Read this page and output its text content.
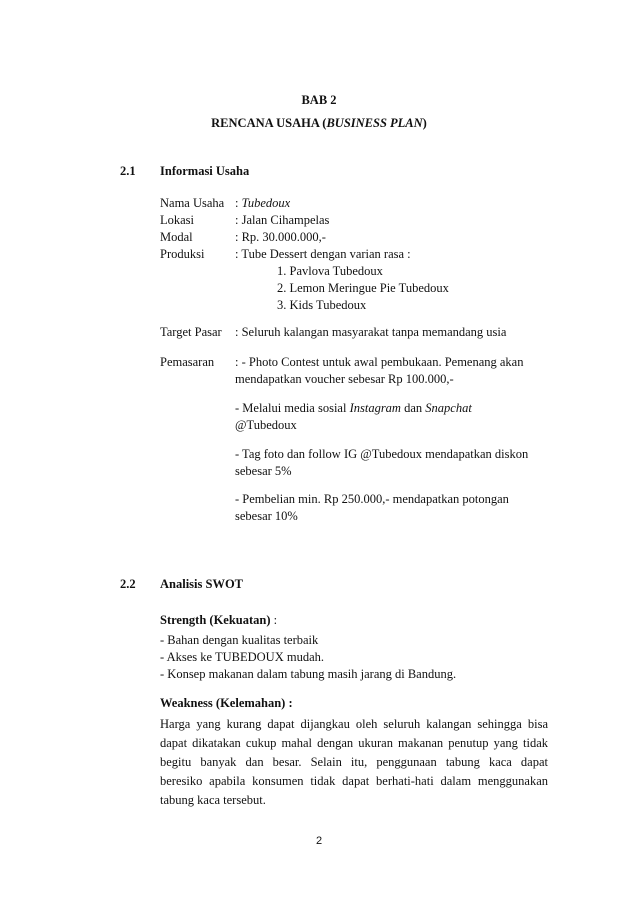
BAB 2
RENCANA USAHA (BUSINESS PLAN)
2.1 Informasi Usaha
Nama Usaha : Tubedoux
Lokasi	: Jalan Cihampelas
Modal	: Rp. 30.000.000,-
Produksi : Tube Dessert dengan varian rasa :
1. Pavlova Tubedoux
2. Lemon Meringue Pie Tubedoux
3. Kids Tubedoux
Target Pasar : Seluruh kalangan masyarakat tanpa memandang usia
Pemasaran : - Photo Contest untuk awal pembukaan. Pemenang akan
mendapatkan voucher sebesar Rp 100.000,-
- Melalui media sosial Instagram dan Snapchat
@Tubedoux
- Tag foto dan follow IG @Tubedoux mendapatkan diskon
sebesar 5%
- Pembelian min. Rp 250.000,- mendapatkan potongan
sebesar 10%
2.2 Analisis SWOT
Strength (Kekuatan) :
- Bahan dengan kualitas terbaik
- Akses ke TUBEDOUX mudah.
- Konsep makanan dalam tabung masih jarang di Bandung.
Weakness (Kelemahan) :
Harga yang kurang dapat dijangkau oleh seluruh kalangan sehingga bisa
dapat dikatakan cukup mahal dengan ukuran makanan penutup yang tidak
begitu banyak dan besar. Selain itu, penggunaan tabung kaca dapat
beresiko apabila konsumen tidak dapat berhati-hati dalam menggunakan
tabung kaca tersebut.
2
